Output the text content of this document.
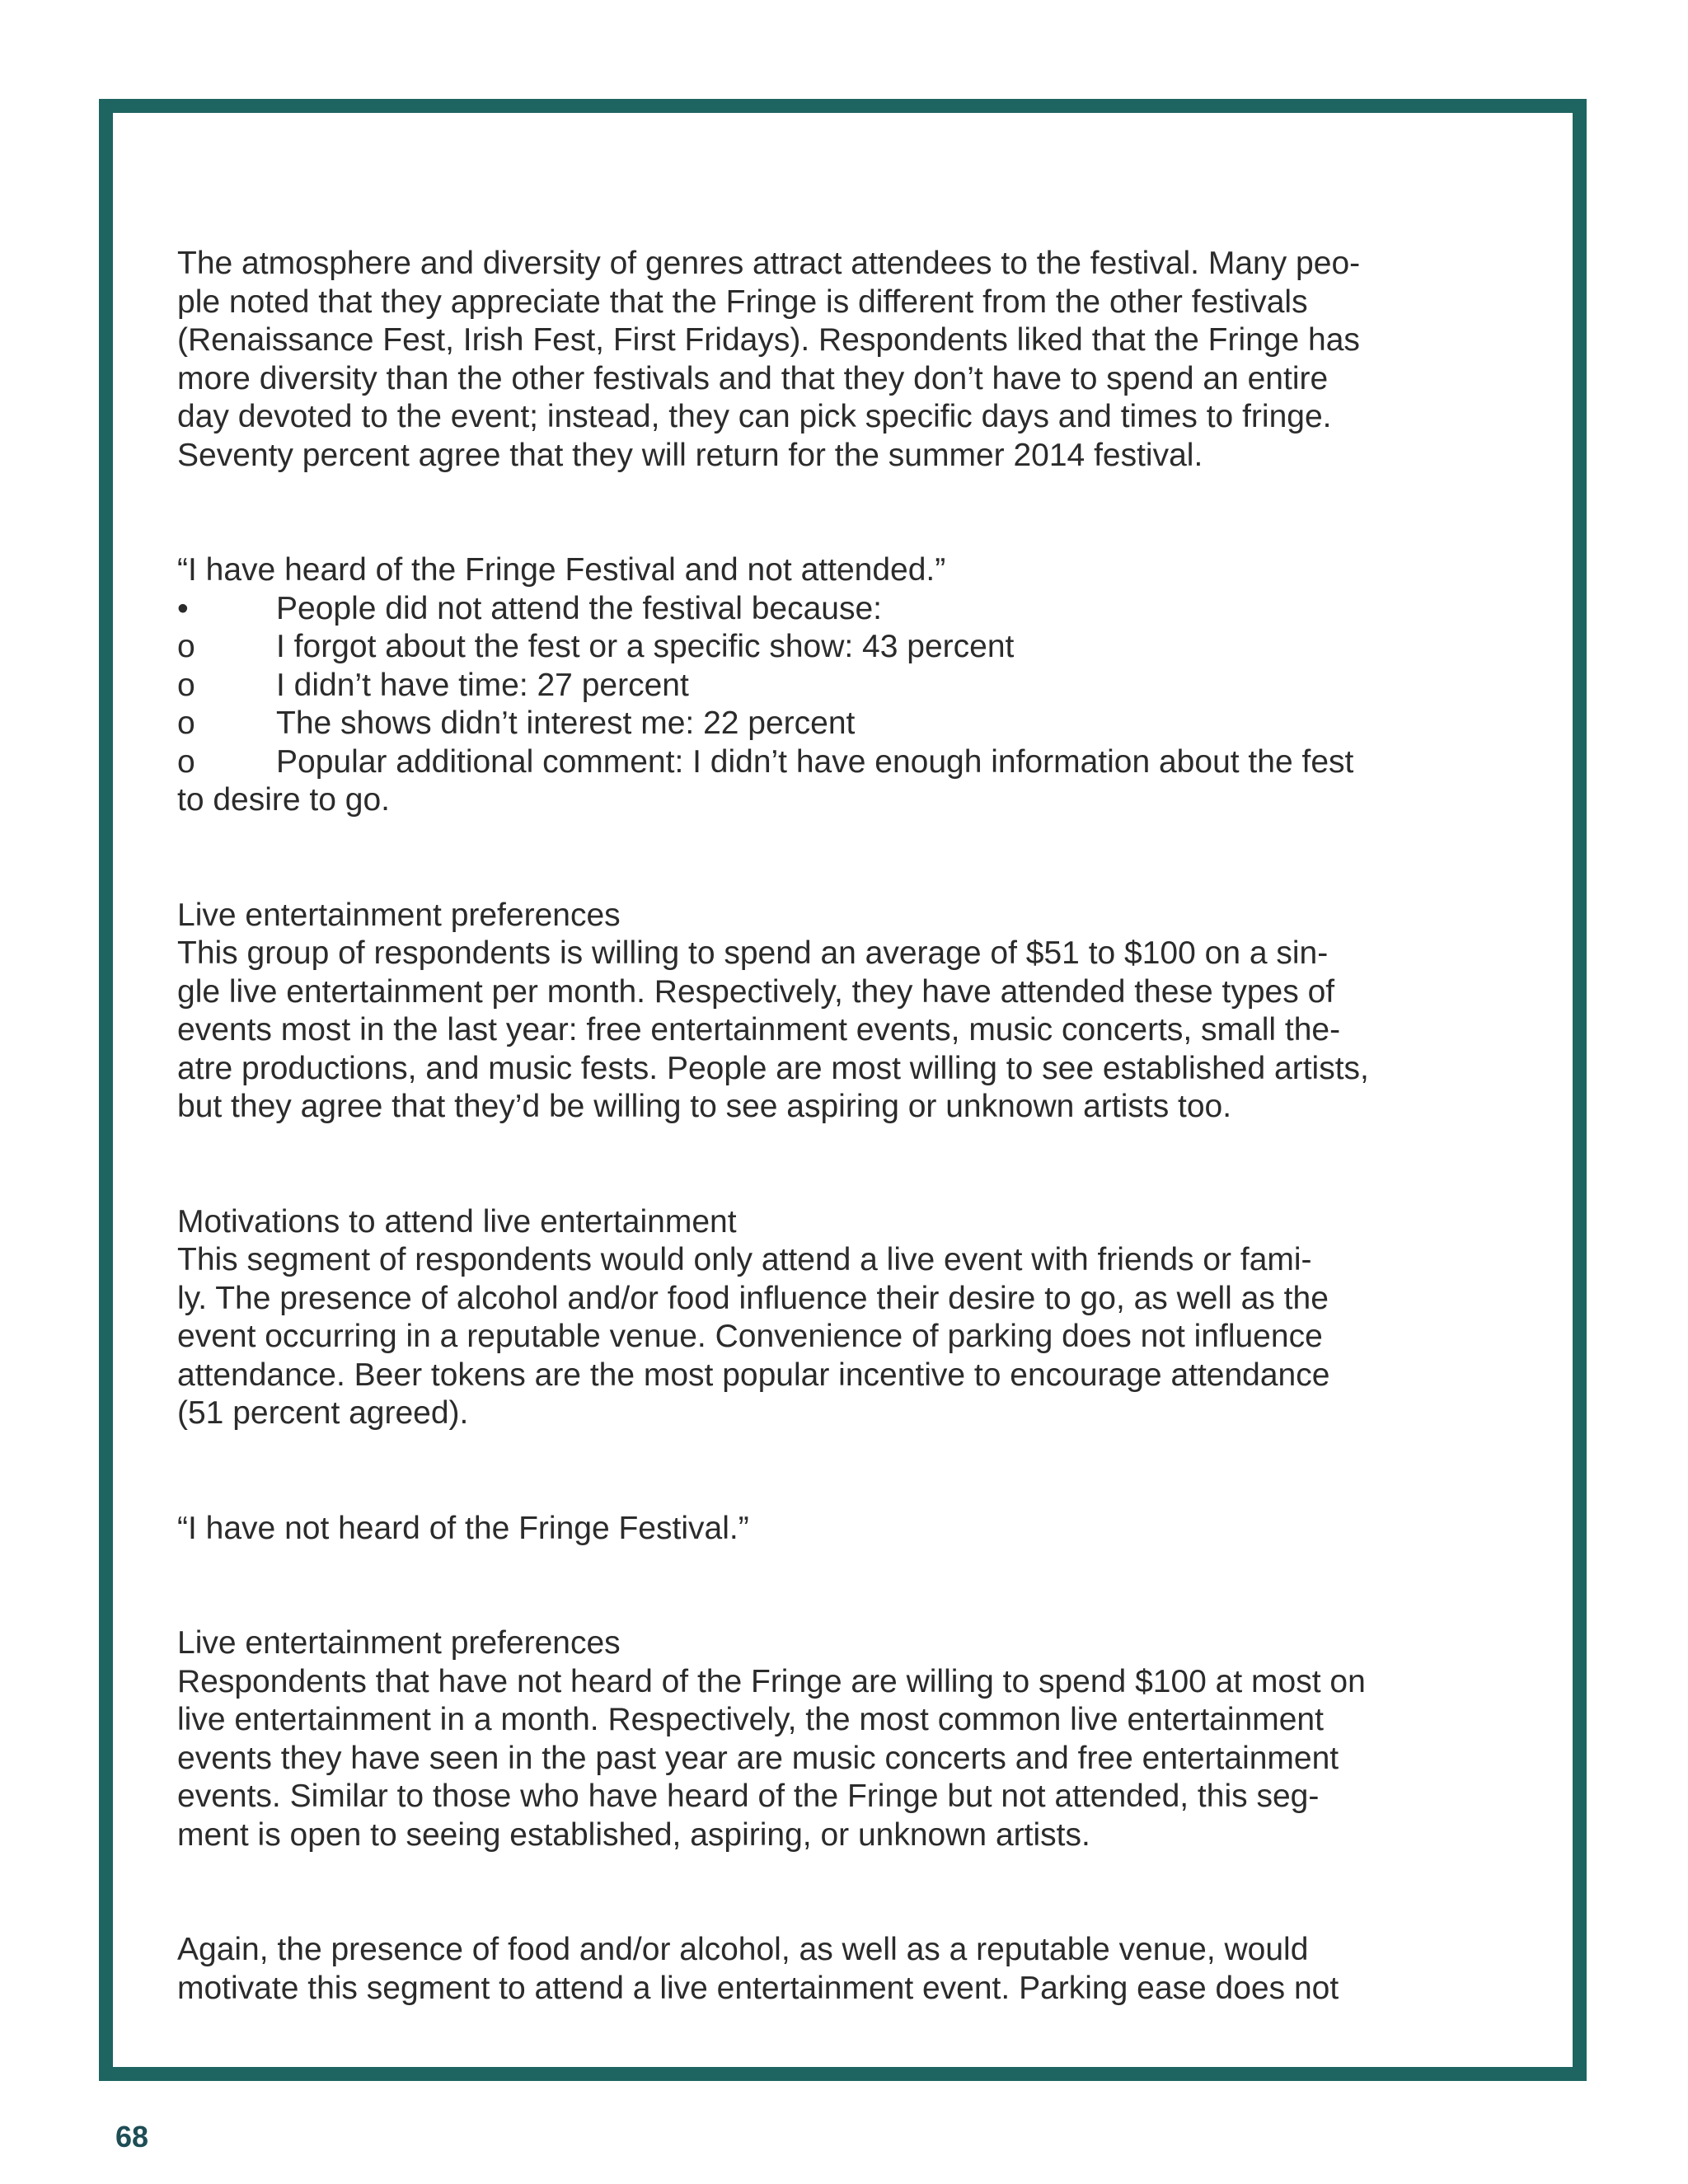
The atmosphere and diversity of genres attract attendees to the festival. Many peo-
ple noted that they appreciate that the Fringe is different from the other festivals
(Renaissance Fest, Irish Fest, First Fridays). Respondents liked that the Fringe has
more diversity than the other festivals and that they don’t have to spend an entire
day devoted to the event; instead, they can pick specific days and times to fringe.
Seventy percent agree that they will return for the summer 2014 festival.

“I have heard of the Fringe Festival and not attended.”
•	People did not attend the festival because:
o	I forgot about the fest or a specific show: 43 percent
o	I didn’t have time: 27 percent
o	The shows didn’t interest me: 22 percent
o	Popular additional comment: I didn’t have enough information about the fest
to desire to go.
Live entertainment preferences
This group of respondents is willing to spend an average of $51 to $100 on a sin-
gle live entertainment per month. Respectively, they have attended these types of
events most in the last year: free entertainment events, music concerts, small the-
atre productions, and music fests. People are most willing to see established artists,
but they agree that they’d be willing to see aspiring or unknown artists too.
Motivations to attend live entertainment
This segment of respondents would only attend a live event with friends or fami-
ly. The presence of alcohol and/or food influence their desire to go, as well as the
event occurring in a reputable venue. Convenience of parking does not influence
attendance. Beer tokens are the most popular incentive to encourage attendance
(51 percent agreed).
“I have not heard of the Fringe Festival.”
Live entertainment preferences
Respondents that have not heard of the Fringe are willing to spend $100 at most on
live entertainment in a month. Respectively, the most common live entertainment
events they have seen in the past year are music concerts and free entertainment
events. Similar to those who have heard of the Fringe but not attended, this seg-
ment is open to seeing established, aspiring, or unknown artists.
Again, the presence of food and/or alcohol, as well as a reputable venue, would
motivate this segment to attend a live entertainment event. Parking ease does not
68
